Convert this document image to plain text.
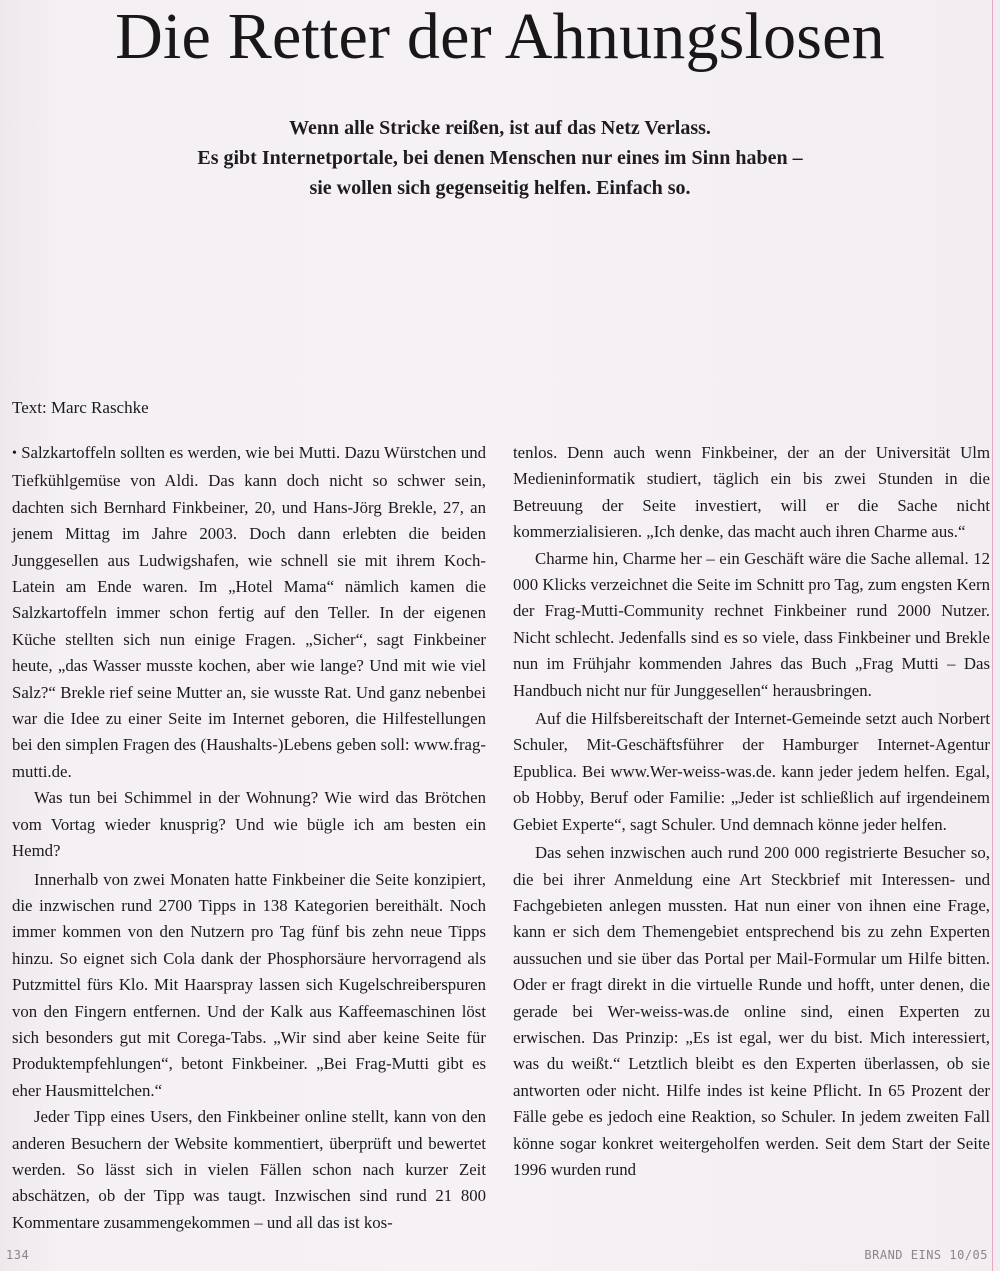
Die Retter der Ahnungslosen
Wenn alle Stricke reißen, ist auf das Netz Verlass.
Es gibt Internetportale, bei denen Menschen nur eines im Sinn haben –
sie wollen sich gegenseitig helfen. Einfach so.
Text: Marc Raschke

• Salzkartoffeln sollten es werden, wie bei Mutti. Dazu Würstchen und Tiefkühlgemüse von Aldi. Das kann doch nicht so schwer sein, dachten sich Bernhard Finkbeiner, 20, und Hans-Jörg Brekle, 27, an jenem Mittag im Jahre 2003. Doch dann erlebten die beiden Junggesellen aus Ludwigshafen, wie schnell sie mit ihrem Koch-Latein am Ende waren. Im „Hotel Mama“ nämlich kamen die Salzkartoffeln immer schon fertig auf den Teller. In der eigenen Küche stellten sich nun einige Fragen. „Sicher“, sagt Finkbeiner heute, „das Wasser musste kochen, aber wie lange? Und mit wie viel Salz?“ Brekle rief seine Mutter an, sie wusste Rat. Und ganz nebenbei war die Idee zu einer Seite im Internet geboren, die Hilfestellungen bei den simplen Fragen des (Haushalts-)Lebens geben soll: www.frag-mutti.de.

Was tun bei Schimmel in der Wohnung? Wie wird das Brötchen vom Vortag wieder knusprig? Und wie bügle ich am besten ein Hemd?

Innerhalb von zwei Monaten hatte Finkbeiner die Seite konzipiert, die inzwischen rund 2700 Tipps in 138 Kategorien bereithält. Noch immer kommen von den Nutzern pro Tag fünf bis zehn neue Tipps hinzu. So eignet sich Cola dank der Phosphorsäure hervorragend als Putzmittel fürs Klo. Mit Haarspray lassen sich Kugelschreiberspuren von den Fingern entfernen. Und der Kalk aus Kaffeemaschinen löst sich besonders gut mit Corega-Tabs. „Wir sind aber keine Seite für Produktempfehlungen“, betont Finkbeiner. „Bei Frag-Mutti gibt es eher Hausmittelchen.“

Jeder Tipp eines Users, den Finkbeiner online stellt, kann von den anderen Besuchern der Website kommentiert, überprüft und bewertet werden. So lässt sich in vielen Fällen schon nach kurzer Zeit abschätzen, ob der Tipp was taugt. Inzwischen sind rund 21 800 Kommentare zusammengekommen – und all das ist kos-

tenlos. Denn auch wenn Finkbeiner, der an der Universität Ulm Medieninformatik studiert, täglich ein bis zwei Stunden in die Betreuung der Seite investiert, will er die Sache nicht kommerzialisieren. „Ich denke, das macht auch ihren Charme aus.“

Charme hin, Charme her – ein Geschäft wäre die Sache allemal. 12 000 Klicks verzeichnet die Seite im Schnitt pro Tag, zum engsten Kern der Frag-Mutti-Community rechnet Finkbeiner rund 2000 Nutzer. Nicht schlecht. Jedenfalls sind es so viele, dass Finkbeiner und Brekle nun im Frühjahr kommenden Jahres das Buch „Frag Mutti – Das Handbuch nicht nur für Junggesellen“ herausbringen.

Auf die Hilfsbereitschaft der Internet-Gemeinde setzt auch Norbert Schuler, Mit-Geschäftsführer der Hamburger Internet-Agentur Epublica. Bei www.Wer-weiss-was.de. kann jeder jedem helfen. Egal, ob Hobby, Beruf oder Familie: „Jeder ist schließlich auf irgendeinem Gebiet Experte“, sagt Schuler. Und demnach könne jeder helfen.

Das sehen inzwischen auch rund 200 000 registrierte Besucher so, die bei ihrer Anmeldung eine Art Steckbrief mit Interessen- und Fachgebieten anlegen mussten. Hat nun einer von ihnen eine Frage, kann er sich dem Themengebiet entsprechend bis zu zehn Experten aussuchen und sie über das Portal per Mail-Formular um Hilfe bitten. Oder er fragt direkt in die virtuelle Runde und hofft, unter denen, die gerade bei Wer-weiss-was.de online sind, einen Experten zu erwischen. Das Prinzip: „Es ist egal, wer du bist. Mich interessiert, was du weißt.“ Letztlich bleibt es den Experten überlassen, ob sie antworten oder nicht. Hilfe indes ist keine Pflicht. In 65 Prozent der Fälle gebe es jedoch eine Reaktion, so Schuler. In jedem zweiten Fall könne sogar konkret weitergeholfen werden. Seit dem Start der Seite 1996 wurden rund

134	BRAND EINS 10/05
